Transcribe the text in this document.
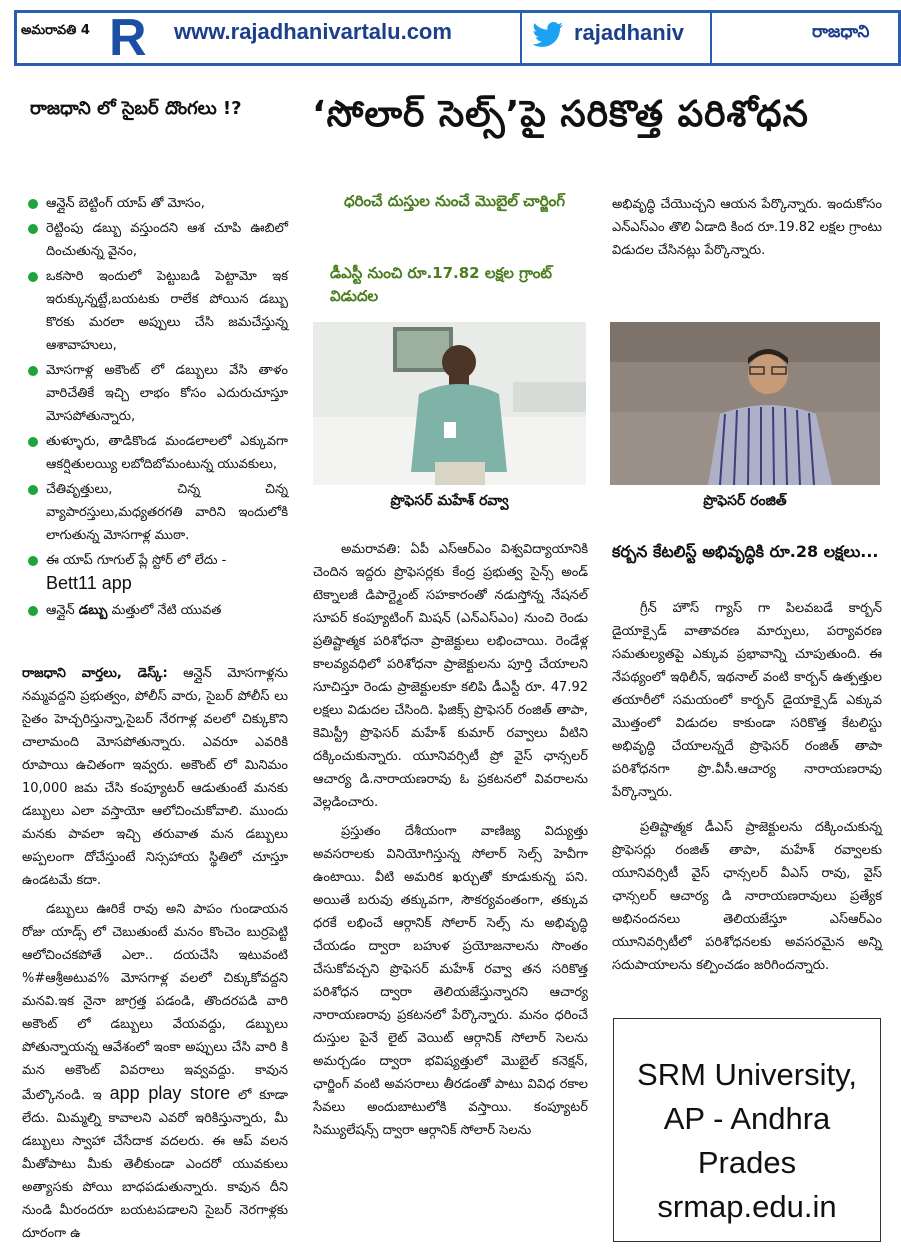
అమరావతి 4 R	www.rajadhanivartalu.com	rajadhaniv	రాజధాని
రాజధాని లో సైబర్ దొంగలు !? ‘సోలార్ సెల్స్’పై సరికొత్త పరిశోధన
ఆన్లైన్ బెట్టింగ్ యాప్ తో మోసం,
రెట్టింపు డబ్బు వస్తుందని ఆశ చూపి ఊబిలో దించుతున్న వైనం,
ఒకసారి ఇందులో పెట్టుబడి పెట్టామో ఇక ఇరుక్కున్నట్టే,బయటకు రాలేక పోయిన డబ్బు కొరకు మరలా అప్పులు చేసి జమచేస్తున్న ఆశావాహులు,
మోసగాళ్ల అకౌంట్ లో డబ్బులు వేసి తాళం వారిచేతికే ఇచ్చి లాభం కోసం ఎదురుచూస్తూ మోసపోతున్నారు,
తుళ్ళూరు, తాడికొండ మండలాలలో ఎక్కువగా ఆకర్షితులయ్యి లబోదిబోమంటున్న యువకులు,
చేతివృత్తులు, చిన్న చిన్న వ్యాపారస్తులు,మధ్యతరగతి వారిని ఇందులోకి లాగుతున్న మోసగాళ్ల ముఠా.
ఈ యాప్ గూగుల్ ప్లే స్టోర్ లో లేదు -
Bett11 app
ఆన్లైన్ డబ్బు మత్తులో నేటి యువత

రాజధాని వార్తలు, డెస్క్: ఆన్లైన్ మోసగాళ్లను నమ్మవద్దని ప్రభుత్వం, పోలీస్ వారు, సైబర్ పోలీస్ లు సైతం హెచ్చరిస్తున్నా,సైబర్ నేరగాళ్ల వలలో చిక్కుకొని చాలామంది మోసపోతున్నారు. ఎవరూ ఎవరికి రూపాయి ఉచితంగా ఇవ్వరు. అకౌంట్ లో మినిమం 10,000 జమ చేసి కంప్యూటర్ ఆడుతుంటే మనకు డబ్బులు ఎలా వస్తాయో ఆలోచించుకోవాలి. ముందు మనకు పావలా ఇచ్చి తరువాత మన డబ్బులు అప్పలంగా దోచేస్తుంటే నిస్సహాయ స్థితిలో చూస్తూ ఉండటమే కదా.

డబ్బులు ఊరికే రావు అని పాపం గుండాయన రోజు యాడ్స్ లో చెబుతుంటే మనం కొంచెం బుర్రపెట్టి ఆలోచించకపోతే ఎలా.. దయచేసి ఇటువంటి %#ఆశ్రీఅటువ% మోసగాళ్ల వలలో చిక్కుకోవద్దని మనవి.ఇక నైనా జాగ్రత్త పడండి, తొందరపడి వారి అకౌంట్ లో డబ్బులు వేయవద్దు, డబ్బులు పోతున్నాయన్న ఆవేశంలో ఇంకా అప్పులు చేసి వారి కి మన అకౌంట్ వివరాలు ఇవ్వవద్దు. కావున మేల్కొనండి. ఇ app play store లో కూడా లేదు. మిమ్మల్ని కావాలని ఎవరో ఇరికిస్తున్నారు, మీ డబ్బులు స్వాహా చేసేదాక వదలరు. ఈ ఆప్ వలన మీతోపాటు మీకు తెలీకుండా ఎందరో యువకులు అత్యాసకు పోయి బాధపడుతున్నారు. కావున దీని నుండి మీరందరూ బయటపడాలని సైబర్ నెరగాళ్లకు దూరంగా ఉ

ధరించే దుస్తుల నుంచే మొబైల్ చార్జింగ్
డీఎస్టీ నుంచి రూ.17.82 లక్షల గ్రాంట్ విడుదల
ప్రొఫెసర్ మహేశ్ రవ్వా

అమరావతి: ఏపీ ఎస్ఆర్ఎం విశ్వవిద్యాయానికి చెందిన ఇద్దరు ప్రొఫెసర్లకు కేంద్ర ప్రభుత్వ సైన్స్ అండ్ టెక్నాలజీ డిపార్ట్మెంట్ సహకారంతో నడుస్తోన్న నేషనల్ సూపర్ కంప్యూటింగ్ మిషన్ (ఎన్ఎస్ఎం) నుంచి రెండు ప్రతిష్టాత్మక పరిశోధనా ప్రాజెక్టులు లభించాయి. రెండేళ్ల కాలవ్యవధిలో పరిశోధనా ప్రాజెక్టులను పూర్తి చేయాలని సూచిస్తూ రెండు ప్రాజెక్టులకూ కలిపి డీఎస్టీ రూ. 47.92 లక్షలు విడుదల చేసింది. ఫిజిక్స్ ప్రొఫెసర్ రంజిత్ తాపా, కెమిస్ట్రీ ప్రొఫెసర్ మహేశ్ కుమార్ రవ్వాలు వీటిని దక్కించుకున్నారు. యూనివర్సిటీ ప్రో వైస్ ఛాన్సలర్ ఆచార్య డి.నారాయణరావు ఓ ప్రకటనలో వివరాలను వెల్లడించారు.

ప్రస్తుతం దేశీయంగా వాణిజ్య విద్యుత్తు అవసరాలకు వినియోగిస్తున్న సోలార్ సెల్స్ హెవీగా ఉంటాయి. వీటి అమరిక ఖర్చుతో కూడుకున్న పని. అయితే బరువు తక్కువగా, సౌకర్యవంతంగా, తక్కువ ధరకే లభించే ఆర్గానిక్ సోలార్ సెల్స్ ను అభివృద్ధి చేయడం ద్వారా బహుళ ప్రయోజనాలను సొంతం చేసుకోవచ్చని ప్రొఫెసర్ మహేశ్ రవ్వా తన సరికొత్త పరిశోధన ద్వారా తెలియజేస్తున్నారని ఆచార్య నారాయణరావు ప్రకటనలో పేర్కొన్నారు. మనం ధరించే దుస్తుల పైనే లైట్ వెయిట్ ఆర్గానిక్ సోలార్ సెలను అమర్చడం ద్వారా భవిష్యత్తులో మొబైల్ కనెక్షన్, ఛార్జింగ్ వంటి అవసరాలు తీరడంతో పాటు వివిధ రకాల సేవలు అందుబాటులోకి వస్తాయి. కంప్యూటర్ సిమ్యులేషన్స్ ద్వారా ఆర్గానిక్ సోలార్ సెలను

అభివృద్ధి చేయొచ్చని ఆయన పేర్కొన్నారు. ఇందుకోసం ఎన్ఎస్ఎం తొలి ఏడాది కింద రూ.19.82 లక్షల గ్రాంటు విడుదల చేసినట్లు పేర్కొన్నారు.
ప్రొఫెసర్ రంజిత్
కర్బన కేటలిస్ట్ అభివృద్ధికి రూ.28 లక్షలు...

గ్రీన్ హౌస్ గ్యాస్ గా పిలవబడే కార్బన్ డైయాక్సైడ్ వాతావరణ మార్పులు, పర్యావరణ సమతుల్యతపై ఎక్కువ ప్రభావాన్ని చూపుతుంది. ఈ నేపథ్యంలో ఇథిలీన్, ఇథనాల్ వంటి కార్బన్ ఉత్పత్తుల తయారీలో సమయంలో కార్బన్ డైయాక్సైడ్ ఎక్కువ మొత్తంలో విడుదల కాకుండా సరికొత్త కేటలిస్టు అభివృద్ధి చేయాలన్నదే ప్రొఫెసర్ రంజిత్ తాపా పరిశోధనగా ప్రొ.వీసీ.ఆచార్య నారాయణరావు పేర్కొన్నారు.

ప్రతిష్టాత్మక డీఎస్ ప్రాజెక్టులను దక్కించుకున్న ప్రొఫెసర్లు రంజిత్ తాపా, మహేశ్ రవ్వాలకు యూనివర్సిటీ వైస్ ఛాన్సలర్ వీఎస్ రావు, వైస్ ఛాన్సలర్ ఆచార్య డి నారాయణరావులు ప్రత్యేక అభినందనలు తెలియజేస్తూ ఎస్ఆర్ఎం యూనివర్సిటీలో పరిశోధనలకు అవసరమైన అన్ని సదుపాయాలను కల్పించడం జరిగిందన్నారు.

SRM University,
AP - Andhra
Prades
srmap.edu.in
